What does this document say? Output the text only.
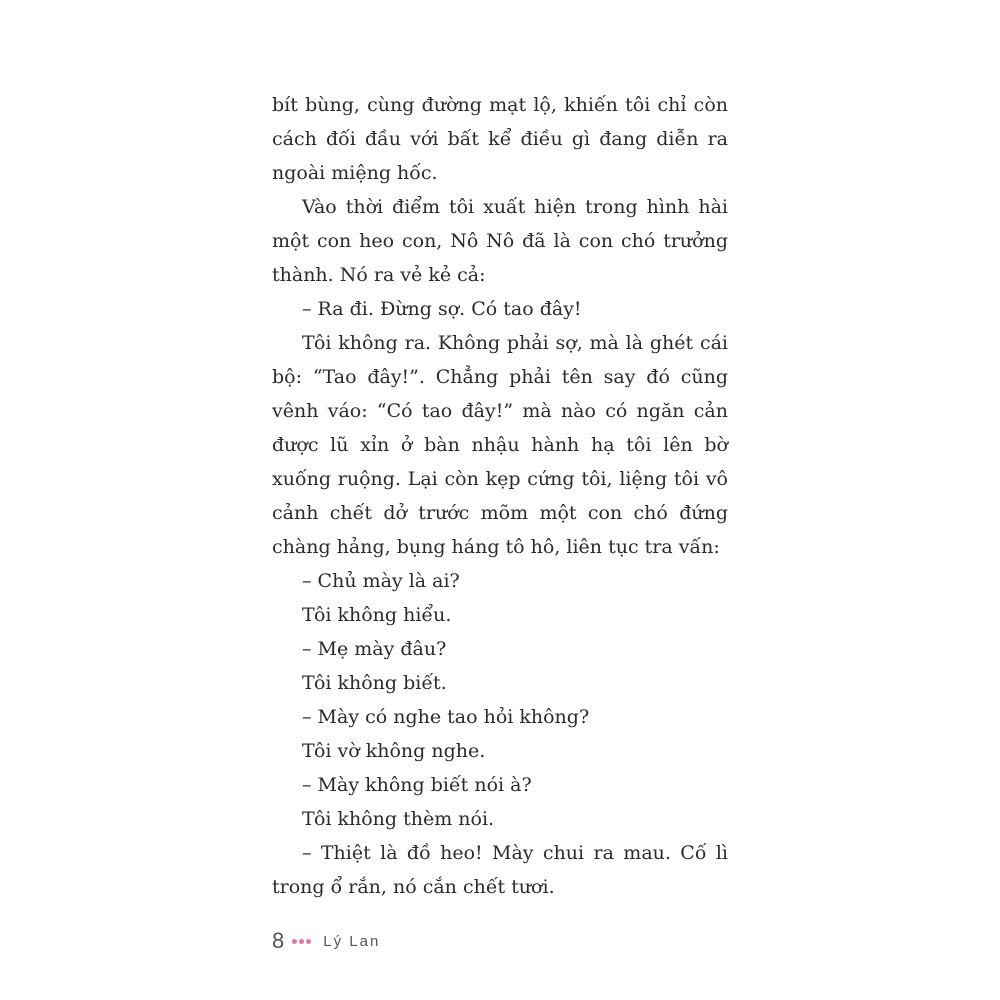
bít bùng, cùng đường mạt lộ, khiến tôi chỉ còn cách đối đầu với bất kể điều gì đang diễn ra ngoài miệng hốc.

Vào thời điểm tôi xuất hiện trong hình hài một con heo con, Nô Nô đã là con chó trưởng thành. Nó ra vẻ kẻ cả:

– Ra đi. Đừng sợ. Có tao đây!

Tôi không ra. Không phải sợ, mà là ghét cái bộ: “Tao đây!”. Chẳng phải tên say đó cũng vênh váo: “Có tao đây!” mà nào có ngăn cản được lũ xỉn ở bàn nhậu hành hạ tôi lên bờ xuống ruộng. Lại còn kẹp cứng tôi, liệng tôi vô cảnh chết dở trước mõm một con chó đứng chàng hảng, bụng háng tô hô, liên tục tra vấn:

– Chủ mày là ai?

Tôi không hiểu.

– Mẹ mày đâu?

Tôi không biết.

– Mày có nghe tao hỏi không?

Tôi vờ không nghe.

– Mày không biết nói à?

Tôi không thèm nói.

– Thiệt là đồ heo! Mày chui ra mau. Cố lì trong ổ rắn, nó cắn chết tươi.

8	Lý Lan
